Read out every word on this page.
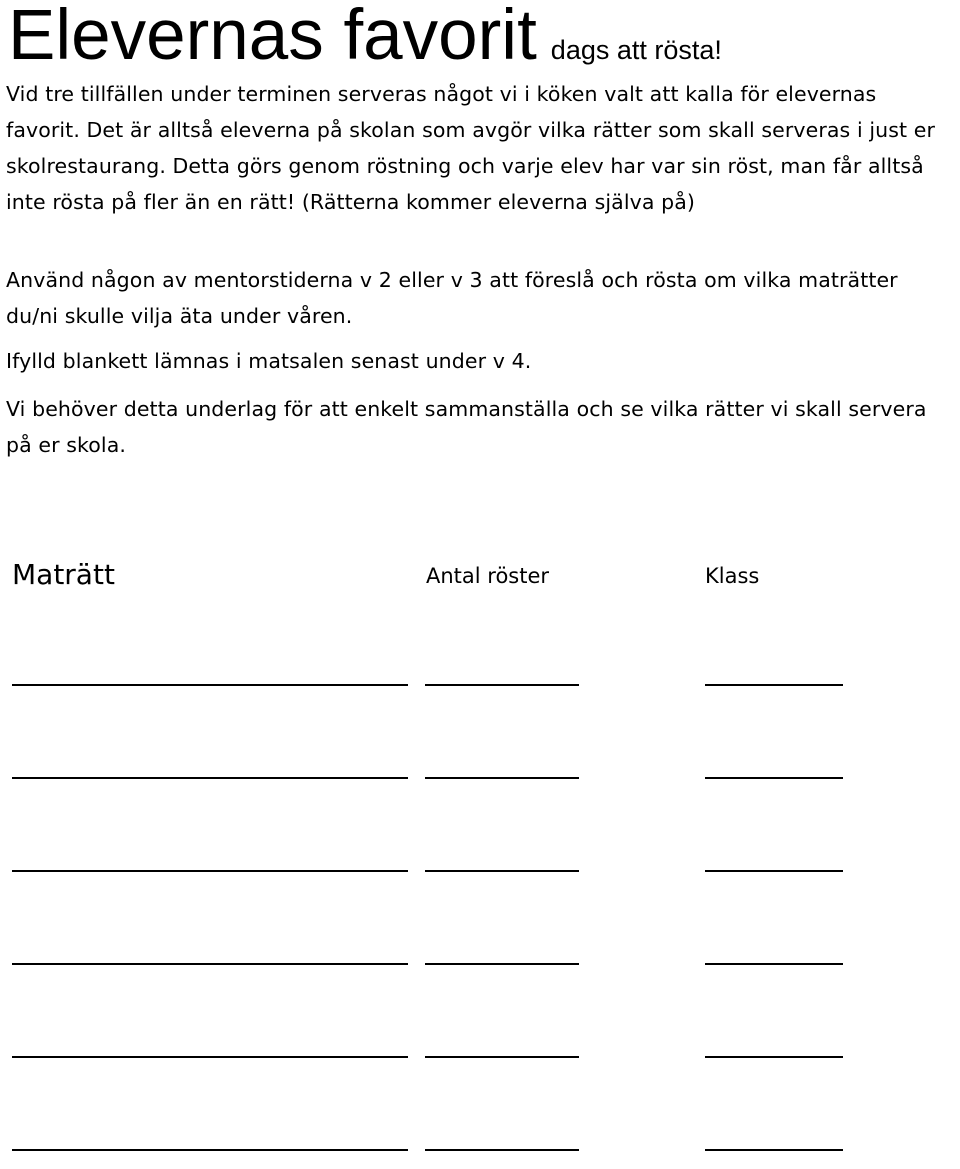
Elevernas favorit dags att rösta!

Vid tre tillfällen under terminen serveras något vi i köken valt att kalla för elevernas favorit. Det är alltså eleverna på skolan som avgör vilka rätter som skall serveras i just er skolrestaurang. Detta görs genom röstning och varje elev har var sin röst, man får alltså inte rösta på fler än en rätt! (Rätterna kommer eleverna själva på)

Använd någon av mentorstiderna v 2 eller v 3 att föreslå och rösta om vilka maträtter du/ni skulle vilja äta under våren.

Ifylld blankett lämnas i matsalen senast under v 4.

Vi behöver detta underlag för att enkelt sammanställa och se vilka rätter vi skall servera på er skola.

Maträtt	Antal röster	Klass
